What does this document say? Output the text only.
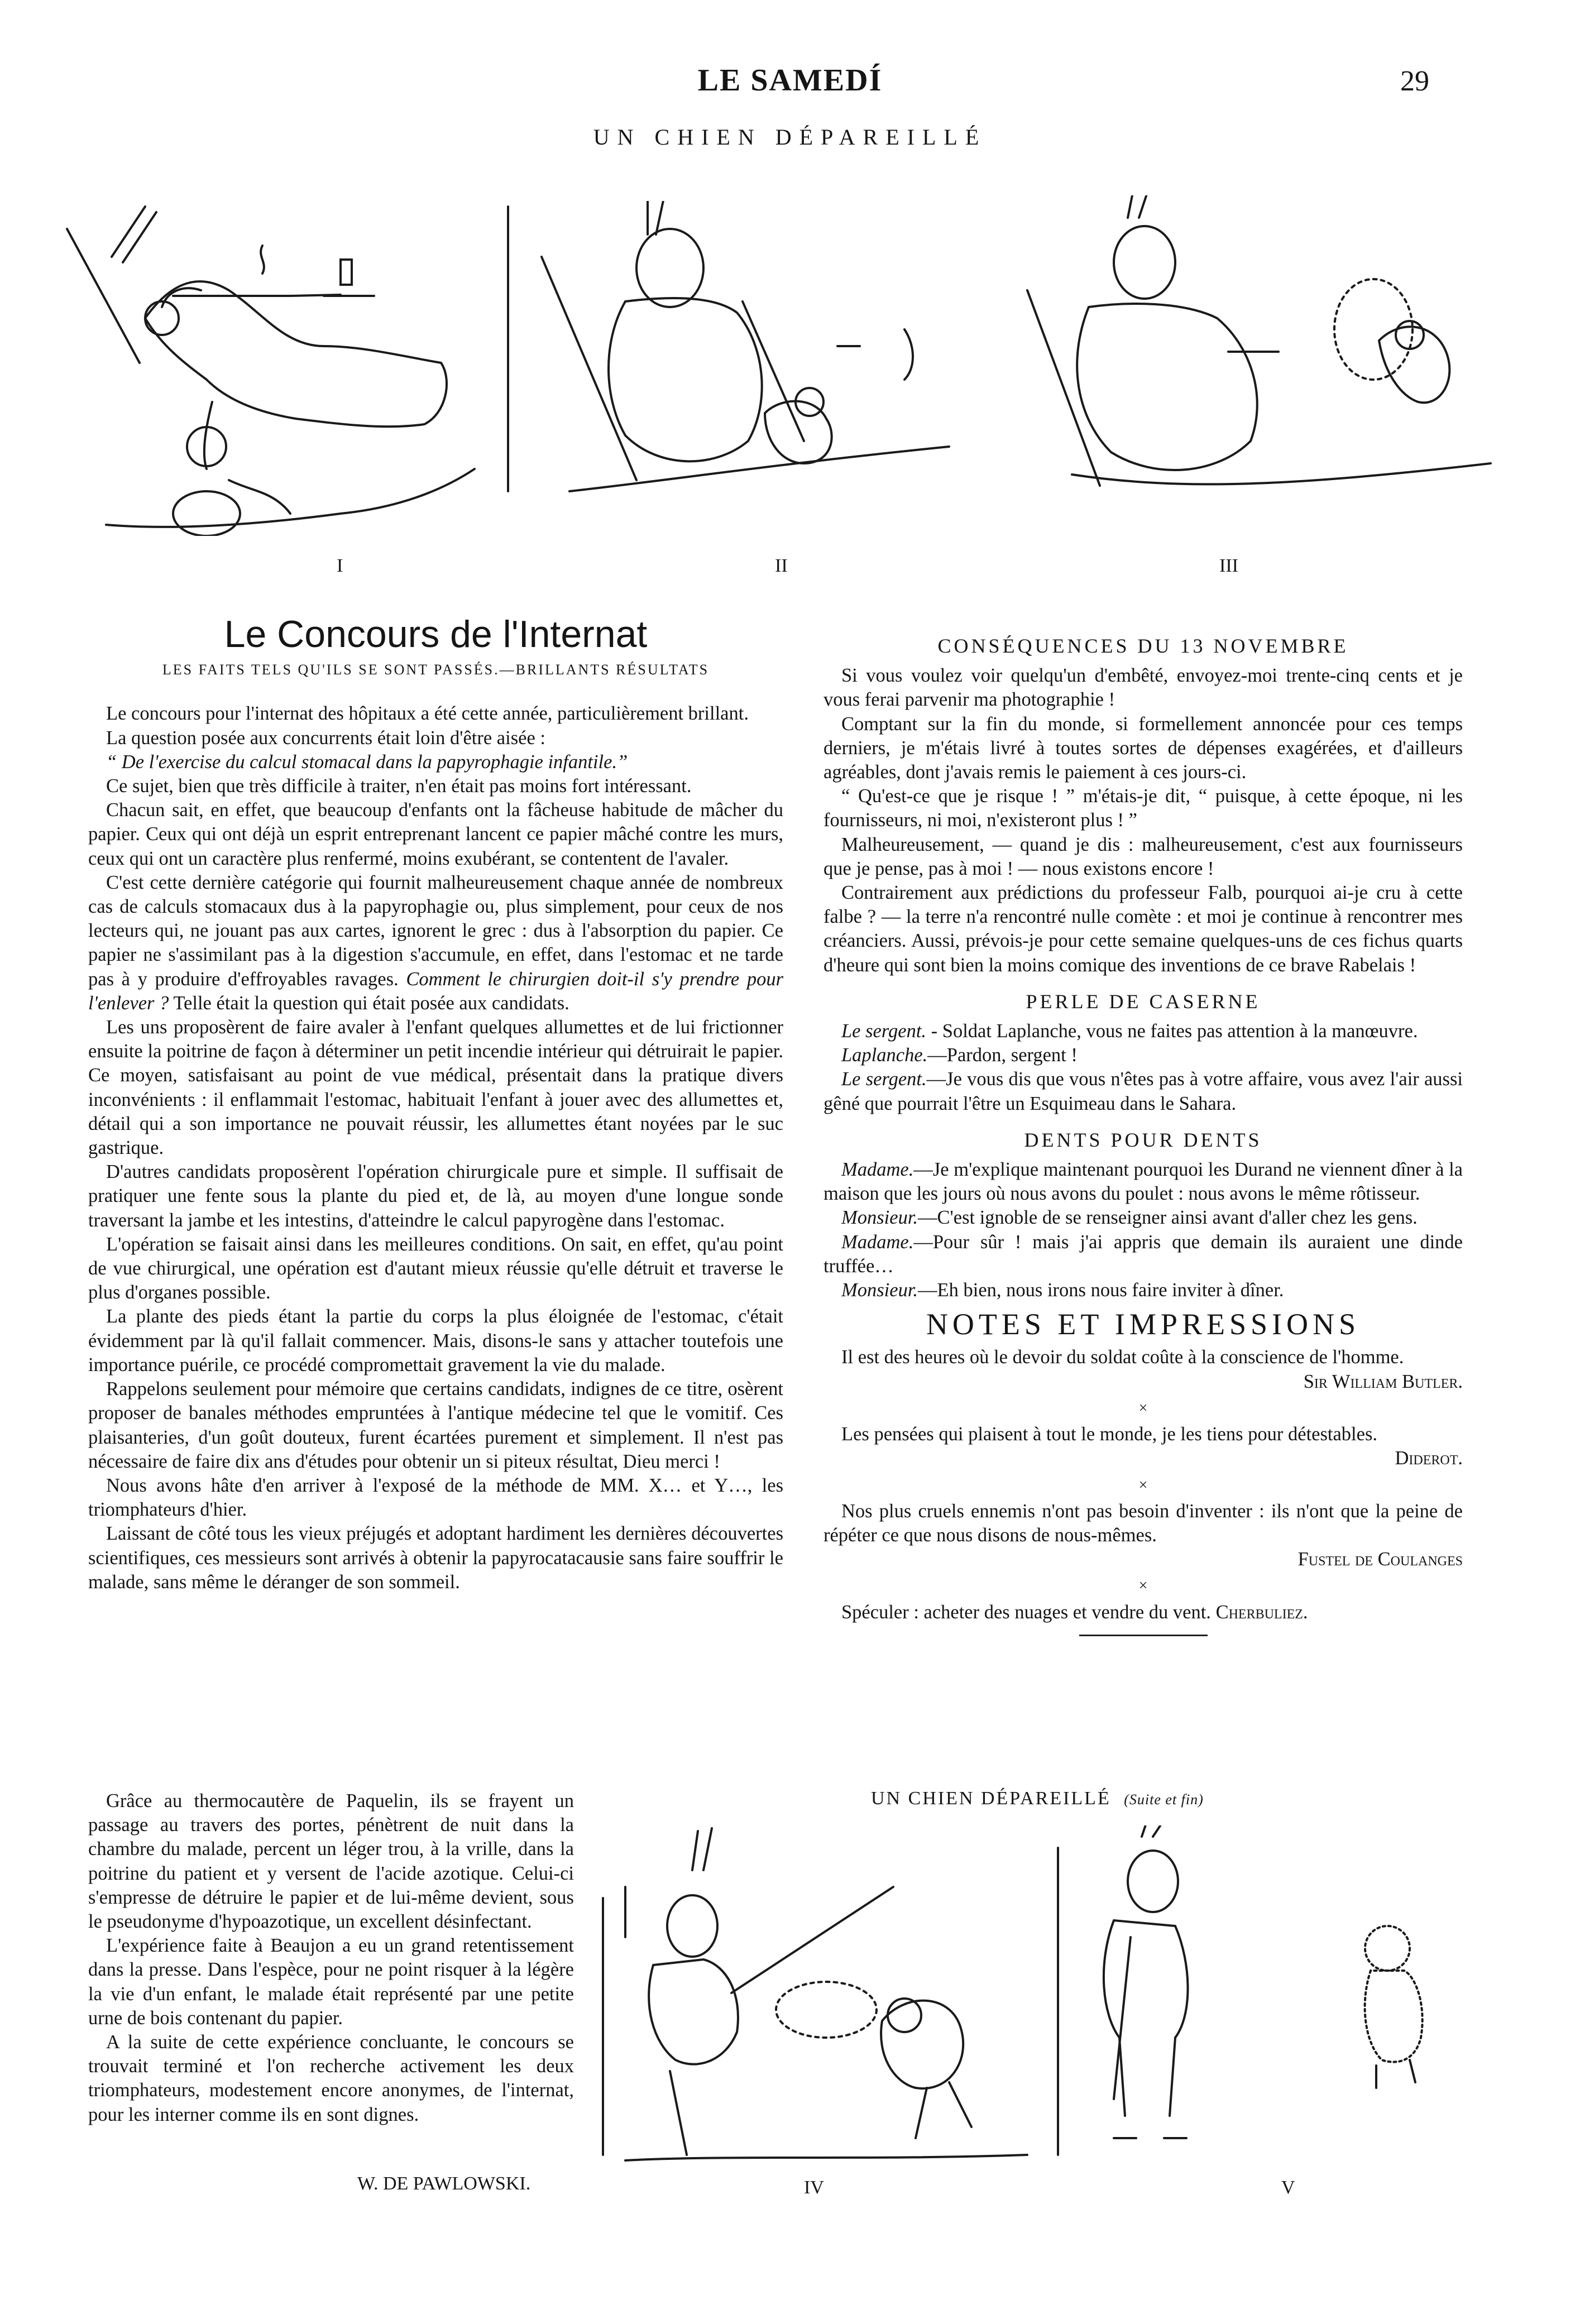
LE SAMEDÍ	29
UN CHIEN DÉPAREILLÉ
I	II	III
Le Concours de l'Internat
LES FAITS TELS QU'ILS SE SONT PASSÉS.—BRILLANTS RÉSULTATS

Le concours pour l'internat des hôpitaux a été cette année, particulièrement brillant.

La question posée aux concurrents était loin d'être aisée :

“ De l'exercise du calcul stomacal dans la papyrophagie infantile.”

Ce sujet, bien que très difficile à traiter, n'en était pas moins fort intéressant.

Chacun sait, en effet, que beaucoup d'enfants ont la fâcheuse habitude de mâcher du papier. Ceux qui ont déjà un esprit entreprenant lancent ce papier mâché contre les murs, ceux qui ont un caractère plus renfermé, moins exubérant, se contentent de l'avaler.

C'est cette dernière catégorie qui fournit malheureusement chaque année de nombreux cas de calculs stomacaux dus à la papyrophagie ou, plus simplement, pour ceux de nos lecteurs qui, ne jouant pas aux cartes, ignorent le grec : dus à l'absorption du papier. Ce papier ne s'assimilant pas à la digestion s'accumule, en effet, dans l'estomac et ne tarde pas à y produire d'effroyables ravages. Comment le chirurgien doit-il s'y prendre pour l'enlever ? Telle était la question qui était posée aux candidats.

Les uns proposèrent de faire avaler à l'enfant quelques allumettes et de lui frictionner ensuite la poitrine de façon à déterminer un petit incendie intérieur qui détruirait le papier. Ce moyen, satisfaisant au point de vue médical, présentait dans la pratique divers inconvénients : il enflammait l'estomac, habituait l'enfant à jouer avec des allumettes et, détail qui a son importance ne pouvait réussir, les allumettes étant noyées par le suc gastrique.

D'autres candidats proposèrent l'opération chirurgicale pure et simple. Il suffisait de pratiquer une fente sous la plante du pied et, de là, au moyen d'une longue sonde traversant la jambe et les intestins, d'atteindre le calcul papyrogène dans l'estomac.

L'opération se faisait ainsi dans les meilleures conditions. On sait, en effet, qu'au point de vue chirurgical, une opération est d'autant mieux réussie qu'elle détruit et traverse le plus d'organes possible.

La plante des pieds étant la partie du corps la plus éloignée de l'estomac, c'était évidemment par là qu'il fallait commencer. Mais, disons-le sans y attacher toutefois une importance puérile, ce procédé compromettait gravement la vie du malade.

Rappelons seulement pour mémoire que certains candidats, indignes de ce titre, osèrent proposer de banales méthodes empruntées à l'antique médecine tel que le vomitif. Ces plaisanteries, d'un goût douteux, furent écartées purement et simplement. Il n'est pas nécessaire de faire dix ans d'études pour obtenir un si piteux résultat, Dieu merci !

Nous avons hâte d'en arriver à l'exposé de la méthode de MM. X… et Y…, les triomphateurs d'hier.

Laissant de côté tous les vieux préjugés et adoptant hardiment les dernières découvertes scientifiques, ces messieurs sont arrivés à obtenir la papyrocatacausie sans faire souffrir le malade, sans même le déranger de son sommeil.

Grâce au thermocautère de Paquelin, ils se frayent un passage au travers des portes, pénètrent de nuit dans la chambre du malade, percent un léger trou, à la vrille, dans la poitrine du patient et y versent de l'acide azotique. Celui-ci s'empresse de détruire le papier et de lui-même devient, sous le pseudonyme d'hypoazotique, un excellent désinfectant.

L'expérience faite à Beaujon a eu un grand retentissement dans la presse. Dans l'espèce, pour ne point risquer à la légère la vie d'un enfant, le malade était représenté par une petite urne de bois contenant du papier.

A la suite de cette expérience concluante, le concours se trouvait terminé et l'on recherche activement les deux triomphateurs, modestement encore anonymes, de l'internat, pour les interner comme ils en sont dignes.

W. DE PAWLOWSKI.
CONSÉQUENCES DU 13 NOVEMBRE

Si vous voulez voir quelqu'un d'embêté, envoyez-moi trente-cinq cents et je vous ferai parvenir ma photographie !

Comptant sur la fin du monde, si formellement annoncée pour ces temps derniers, je m'étais livré à toutes sortes de dépenses exagérées, et d'ailleurs agréables, dont j'avais remis le paiement à ces jours-ci.

“ Qu'est-ce que je risque ! ” m'étais-je dit, “ puisque, à cette époque, ni les fournisseurs, ni moi, n'existeront plus ! ”

Malheureusement, — quand je dis : malheureusement, c'est aux fournisseurs que je pense, pas à moi ! — nous existons encore !

Contrairement aux prédictions du professeur Falb, pourquoi ai-je cru à cette falbe ? — la terre n'a rencontré nulle comète : et moi je continue à rencontrer mes créanciers. Aussi, prévois-je pour cette semaine quelques-uns de ces fichus quarts d'heure qui sont bien la moins comique des inventions de ce brave Rabelais !

PERLE DE CASERNE

Le sergent. - Soldat Laplanche, vous ne faites pas attention à la manœuvre.

Laplanche.—Pardon, sergent !

Le sergent.—Je vous dis que vous n'êtes pas à votre affaire, vous avez l'air aussi gêné que pourrait l'être un Esquimeau dans le Sahara.

DENTS POUR DENTS

Madame.—Je m'explique maintenant pourquoi les Durand ne viennent dîner à la maison que les jours où nous avons du poulet : nous avons le même rôtisseur.

Monsieur.—C'est ignoble de se renseigner ainsi avant d'aller chez les gens.

Madame.—Pour sûr ! mais j'ai appris que demain ils auraient une dinde truffée…

Monsieur.—Eh bien, nous irons nous faire inviter à dîner.

NOTES ET IMPRESSIONS

Il est des heures où le devoir du soldat coûte à la conscience de l'homme.

Sir William Butler.

×

Les pensées qui plaisent à tout le monde, je les tiens pour détestables.

Diderot.

×

Nos plus cruels ennemis n'ont pas besoin d'inventer : ils n'ont que la peine de répéter ce que nous disons de nous-mêmes.

Fustel de Coulanges

×

Spéculer : acheter des nuages et vendre du vent. Cherbuliez.

UN CHIEN DÉPAREILLÉ (Suite et fin)
IV	V
